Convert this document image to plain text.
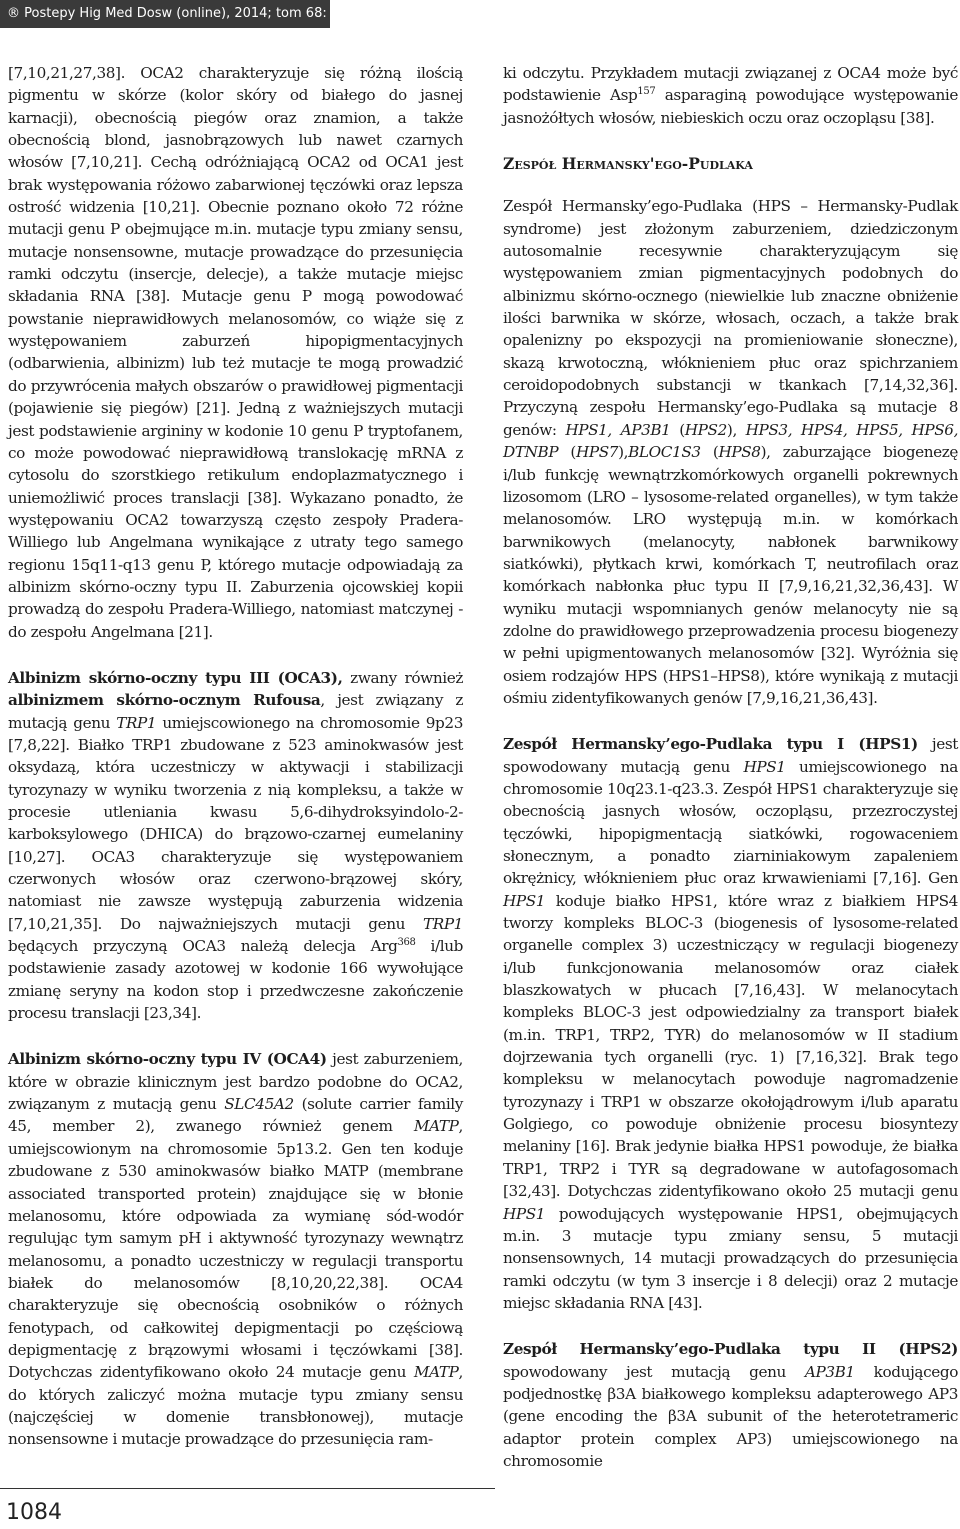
® Postepy Hig Med Dosw (online), 2014; tom 68: 1081-1090

[7,10,21,27,38]. OCA2 charakteryzuje się różną ilością pigmentu w skórze (kolor skóry od białego do jasnej karnacji), obecnością piegów oraz znamion, a także obecnością blond, jasnobrązowych lub nawet czarnych włosów [7,10,21]. Cechą odróżniającą OCA2 od OCA1 jest brak występowania różowo zabarwionej tęczówki oraz lepsza ostrość widzenia [10,21]. Obecnie poznano około 72 różne mutacji genu P obejmujące m.in. mutacje typu zmiany sensu, mutacje nonsensowne, mutacje prowadzące do przesunięcia ramki odczytu (insercje, delecje), a także mutacje miejsc składania RNA [38]. Mutacje genu P mogą powodować powstanie nieprawidłowych melanosomów, co wiąże się z występowaniem zaburzeń hipopigmentacyjnych (odbarwienia, albinizm) lub też mutacje te mogą prowadzić do przywrócenia małych obszarów o prawidłowej pigmentacji (pojawienie się piegów) [21]. Jedną z ważniejszych mutacji jest podstawienie argininy w kodonie 10 genu P tryptofanem, co może powodować nieprawidłową translokację mRNA z cytosolu do szorstkiego retikulum endoplazmatycznego i uniemożliwić proces translacji [38]. Wykazano ponadto, że występowaniu OCA2 towarzyszą często zespoły Pradera-Williego lub Angelmana wynikające z utraty tego samego regionu 15q11-q13 genu P, którego mutacje odpowiadają za albinizm skórno-oczny typu II. Zaburzenia ojcowskiej kopii prowadzą do zespołu Pradera-Williego, natomiast matczynej - do zespołu Angelmana [21].

Albinizm skórno-oczny typu III (OCA3), zwany również albinizmem skórno-ocznym Rufousa, jest związany z mutacją genu TRP1 umiejscowionego na chromosomie 9p23 [7,8,22]. Białko TRP1 zbudowane z 523 aminokwasów jest oksydazą, która uczestniczy w aktywacji i stabilizacji tyrozynazy w wyniku tworzenia z nią kompleksu, a także w procesie utleniania kwasu 5,6-dihydroksyindolo-2-karboksylowego (DHICA) do brązowo-czarnej eumelaniny [10,27]. OCA3 charakteryzuje się występowaniem czerwonych włosów oraz czerwono-brązowej skóry, natomiast nie zawsze występują zaburzenia widzenia [7,10,21,35]. Do najważniejszych mutacji genu TRP1 będących przyczyną OCA3 należą delecja Arg$^{368}$ i/lub podstawienie zasady azotowej w kodonie 166 wywołujące zmianę seryny na kodon stop i przedwczesne zakończenie procesu translacji [23,34].

Albinizm skórno-oczny typu IV (OCA4) jest zaburzeniem, które w obrazie klinicznym jest bardzo podobne do OCA2, związanym z mutacją genu SLC45A2 (solute carrier family 45, member 2), zwanego również genem MATP, umiejscowionym na chromosomie 5p13.2. Gen ten koduje zbudowane z 530 aminokwasów białko MATP (membrane associated transported protein) znajdujące się w błonie melanosomu, które odpowiada za wymianę sód-wodór regulując tym samym pH i aktywność tyrozynazy wewnątrz melanosomu, a ponadto uczestniczy w regulacji transportu białek do melanosomów [8,10,20,22,38]. OCA4 charakteryzuje się obecnością osobników o różnych fenotypach, od całkowitej depigmentacji po częściową depigmentację z brązowymi włosami i tęczówkami [38]. Dotychczas zidentyfikowano około 24 mutacje genu MATP, do których zaliczyć można mutacje typu zmiany sensu (najczęściej w domenie transbłonowej), mutacje nonsensowne i mutacje prowadzące do przesunięcia ram-

ki odczytu. Przykładem mutacji związanej z OCA4 może być podstawienie Asp$^{157}$ asparaginą powodujące występowanie jasnożółtych włosów, niebieskich oczu oraz oczopląsu [38].

Zespół Hermansky'ego-Pudlaka

Zespół Hermansky’ego-Pudlaka (HPS – Hermansky-Pudlak syndrome) jest złożonym zaburzeniem, dziedziczonym autosomalnie recesywnie charakteryzującym się występowaniem zmian pigmentacyjnych podobnych do albinizmu skórno-ocznego (niewielkie lub znaczne obniżenie ilości barwnika w skórze, włosach, oczach, a także brak opalenizny po ekspozycji na promieniowanie słoneczne), skazą krwotoczną, włóknieniem płuc oraz spichrzaniem ceroidopodobnych substancji w tkankach [7,14,32,36]. Przyczyną zespołu Hermansky’ego-Pudlaka są mutacje 8 genów: HPS1, AP3B1 (HPS2), HPS3, HPS4, HPS5, HPS6, DTNBP (HPS7),BLOC1S3 (HPS8), zaburzające biogenezę i/lub funkcję wewnątrzkomórkowych organelli pokrewnych lizosomom (LRO – lysosome-related organelles), w tym także melanosomów. LRO występują m.in. w komórkach barwnikowych (melanocyty, nabłonek barwnikowy siatkówki), płytkach krwi, komórkach T, neutrofilach oraz komórkach nabłonka płuc typu II [7,9,16,21,32,36,43]. W wyniku mutacji wspomnianych genów melanocyty nie są zdolne do prawidłowego przeprowadzenia procesu biogenezy w pełni upigmentowanych melanosomów [32]. Wyróżnia się osiem rodzajów HPS (HPS1–HPS8), które wynikają z mutacji ośmiu zidentyfikowanych genów [7,9,16,21,36,43].

Zespół Hermansky’ego-Pudlaka typu I (HPS1) jest spowodowany mutacją genu HPS1 umiejscowionego na chromosomie 10q23.1-q23.3. Zespół HPS1 charakteryzuje się obecnością jasnych włosów, oczopląsu, przezroczystej tęczówki, hipopigmentacją siatkówki, rogowaceniem słonecznym, a ponadto ziarniniakowym zapaleniem okrężnicy, włóknieniem płuc oraz krwawieniami [7,16]. Gen HPS1 koduje białko HPS1, które wraz z białkiem HPS4 tworzy kompleks BLOC-3 (biogenesis of lysosome-related organelle complex 3) uczestniczący w regulacji biogenezy i/lub funkcjonowania melanosomów oraz ciałek blaszkowatych w płucach [7,16,43]. W melanocytach kompleks BLOC-3 jest odpowiedzialny za transport białek (m.in. TRP1, TRP2, TYR) do melanosomów w II stadium dojrzewania tych organelli (ryc. 1) [7,16,32]. Brak tego kompleksu w melanocytach powoduje nagromadzenie tyrozynazy i TRP1 w obszarze okołojądrowym i/lub aparatu Golgiego, co powoduje obniżenie procesu biosyntezy melaniny [16]. Brak jedynie białka HPS1 powoduje, że białka TRP1, TRP2 i TYR są degradowane w autofagosomach [32,43]. Dotychczas zidentyfikowano około 25 mutacji genu HPS1 powodujących występowanie HPS1, obejmujących m.in. 3 mutacje typu zmiany sensu, 5 mutacji nonsensownych, 14 mutacji prowadzących do przesunięcia ramki odczytu (w tym 3 insercje i 8 delecji) oraz 2 mutacje miejsc składania RNA [43].

Zespół Hermansky’ego-Pudlaka typu II (HPS2) spowodowany jest mutacją genu AP3B1 kodującego podjednostkę β3A białkowego kompleksu adapterowego AP3 (gene encoding the β3A subunit of the heterotetrameric adaptor protein complex AP3) umiejscowionego na chromosomie

1084
